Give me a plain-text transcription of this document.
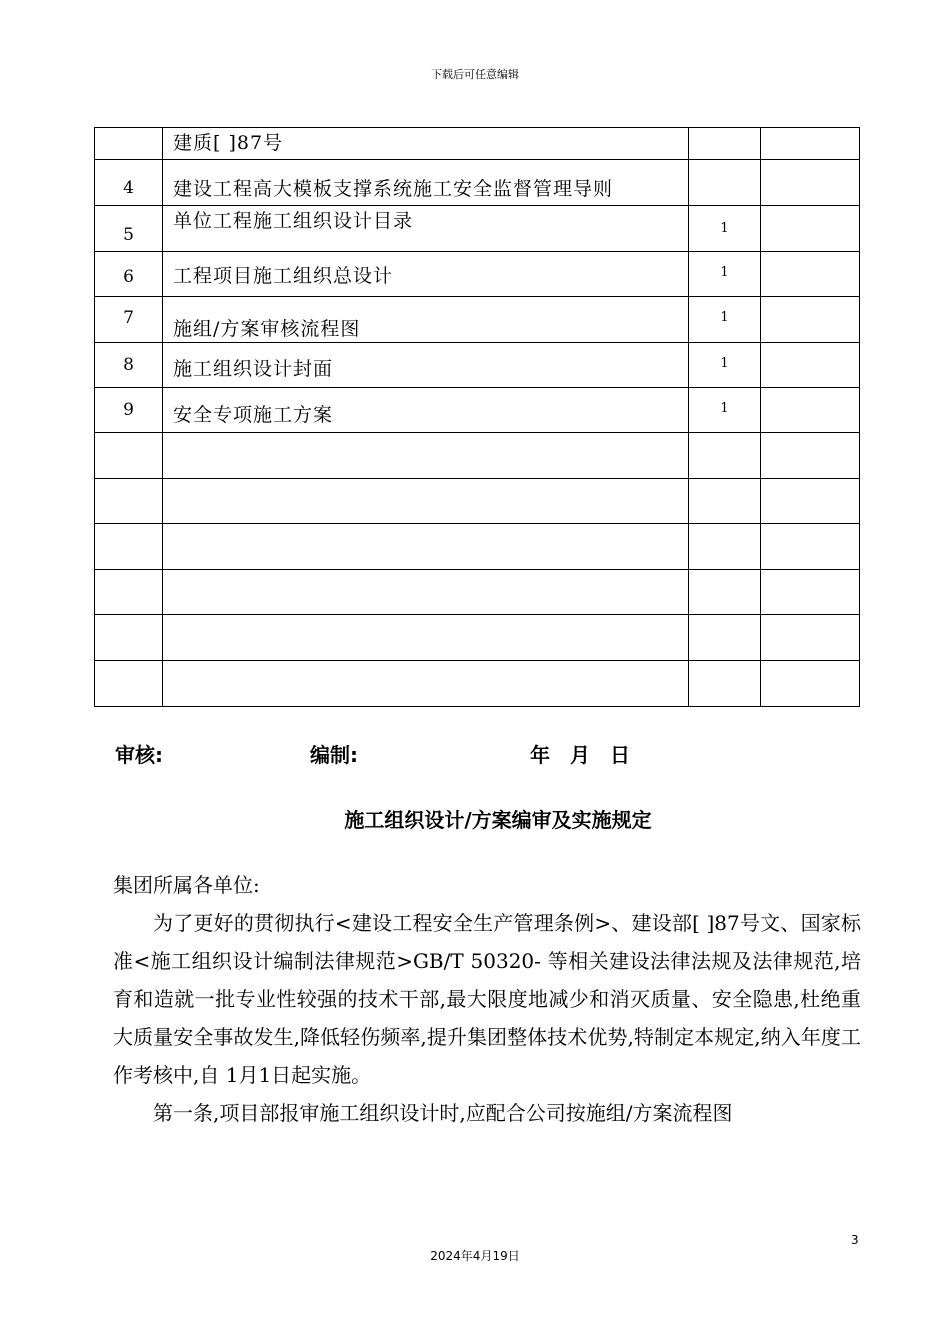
下载后可任意编辑
	建质[ ]87号		
4	建设工程高大模板支撑系统施工安全监督管理导则		
5	单位工程施工组织设计目录	1	
6	工程项目施工组织总设计	1	
7	施组/方案审核流程图	1	
8	施工组织设计封面	1	
9	安全专项施工方案	1	

审核:	编制:	年　月　日
施工组织设计/方案编审及实施规定

集团所属各单位:

为了更好的贯彻执行<建设工程安全生产管理条例>、建设部[ ]87号文、国家标准<施工组织设计编制法律规范>GB/T 50320- 等相关建设法律法规及法律规范,培育和造就一批专业性较强的技术干部,最大限度地减少和消灭质量、安全隐患,杜绝重大质量安全事故发生,降低轻伤频率,提升集团整体技术优势,特制定本规定,纳入年度工作考核中,自 1月1日起实施。

第一条,项目部报审施工组织设计时,应配合公司按施组/方案流程图

3
2024年4月19日
